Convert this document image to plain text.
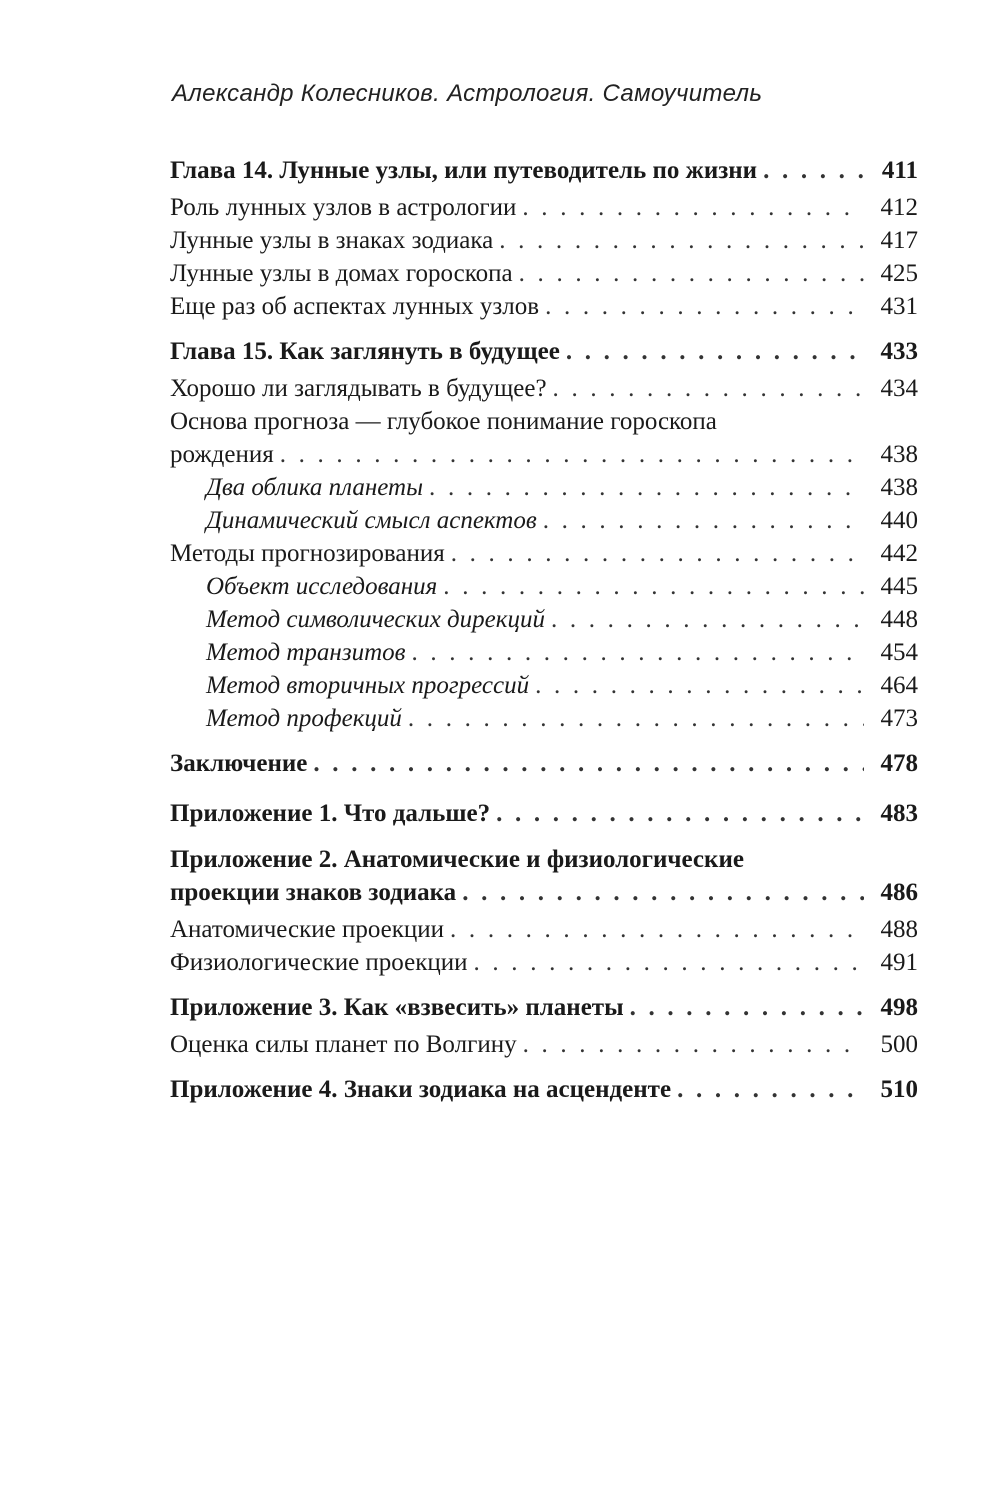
Александр Колесников. Астрология. Самоучитель
Глава 14. Лунные узлы, или путеводитель по жизни . . .	411
Роль лунных узлов в астрологии . . .	412
Лунные узлы в знаках зодиака . . .	417
Лунные узлы в домах гороскопа . . .	425
Еще раз об аспектах лунных узлов . . .	431
Глава 15. Как заглянуть в будущее . . .	433
Хорошо ли заглядывать в будущее? . . .	434
Основа прогноза — глубокое понимание гороскопа
рождения . . .	438
Два облика планеты . . .	438
Динамический смысл аспектов . . .	440
Методы прогнозирования . . .	442
Объект исследования . . .	445
Метод символических дирекций . . .	448
Метод транзитов . . .	454
Метод вторичных прогрессий . . .	464
Метод профекций . . .	473
Заключение . . .	478
Приложение 1. Что дальше? . . .	483
Приложение 2. Анатомические и физиологические
проекции знаков зодиака . . .	486
Анатомические проекции . . .	488
Физиологические проекции . . .	491
Приложение 3. Как «взвесить» планеты . . .	498
Оценка силы планет по Волгину . . .	500
Приложение 4. Знаки зодиака на асценденте . . .	510
